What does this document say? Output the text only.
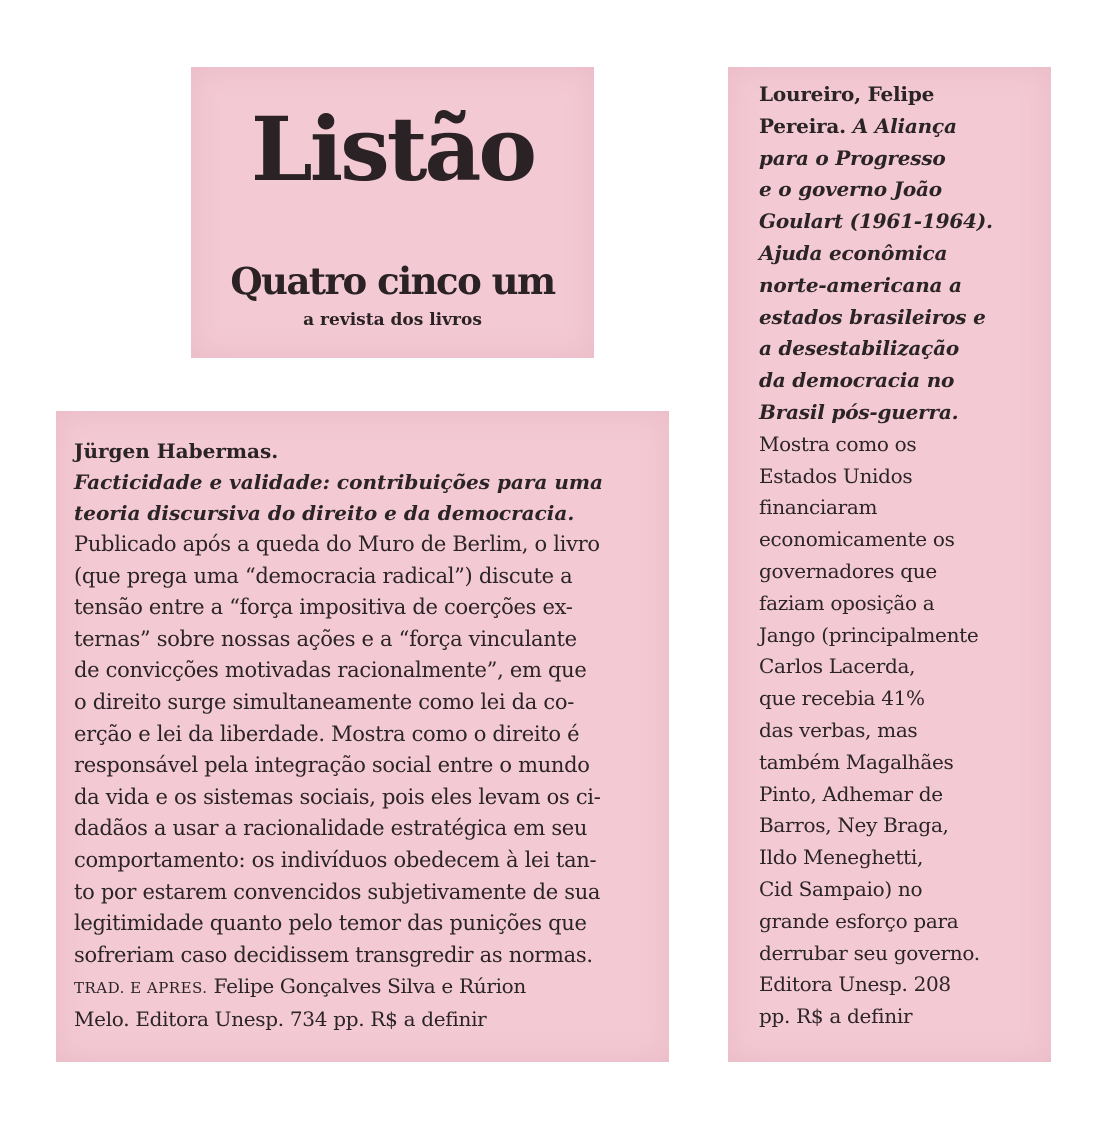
Listão
Quatro cinco um
a revista dos livros
Jürgen Habermas.
Facticidade e validade: contribuições para uma
teoria discursiva do direito e da democracia.
Publicado após a queda do Muro de Berlim, o livro
(que prega uma “democracia radical”) discute a
tensão entre a “força impositiva de coerções ex-
ternas” sobre nossas ações e a “força vinculante
de convicções motivadas racionalmente”, em que
o direito surge simultaneamente como lei da co-
erção e lei da liberdade. Mostra como o direito é
responsável pela integração social entre o mundo
da vida e os sistemas sociais, pois eles levam os ci-
dadãos a usar a racionalidade estratégica em seu
comportamento: os indivíduos obedecem à lei tan-
to por estarem convencidos subjetivamente de sua
legitimidade quanto pelo temor das punições que
sofreriam caso decidissem transgredir as normas.
TRAD. E APRES. Felipe Gonçalves Silva e Rúrion
Melo. Editora Unesp. 734 pp. R$ a definir
Loureiro, Felipe
Pereira. A Aliança
para o Progresso
e o governo João
Goulart (1961-1964).
Ajuda econômica
norte-americana a
estados brasileiros e
a desestabilização
da democracia no
Brasil pós-guerra.
Mostra como os
Estados Unidos
financiaram
economicamente os
governadores que
faziam oposição a
Jango (principalmente
Carlos Lacerda,
que recebia 41%
das verbas, mas
também Magalhães
Pinto, Adhemar de
Barros, Ney Braga,
Ildo Meneghetti,
Cid Sampaio) no
grande esforço para
derrubar seu governo.
Editora Unesp. 208
pp. R$ a definir
